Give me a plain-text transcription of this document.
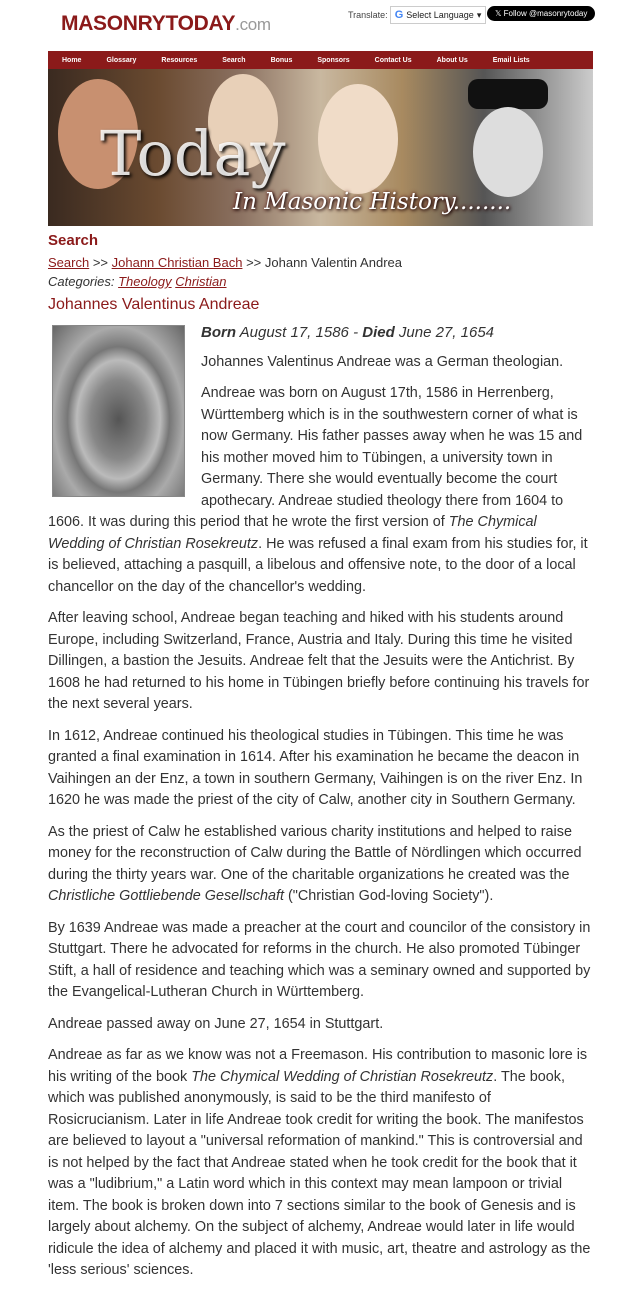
MASONRYTODAY.com	Translate: G Select Language ▾	𝕏 Follow @masonrytoday
Home	Glossary	Resources	Search	Bonus	Sponsors	Contact Us	About Us	Email Lists
Today
In Masonic History........
Search
Search >> Johann Christian Bach >> Johann Valentin Andrea
Categories: Theology Christian
Johannes Valentinus Andreae
Born August 17, 1586 - Died June 27, 1654

Johannes Valentinus Andreae was a German theologian.

Andreae was born on August 17th, 1586 in Herrenberg, Württemberg which is in the southwestern corner of what is now Germany. His father passes away when he was 15 and his mother moved him to Tübingen, a university town in Germany. There she would eventually become the court apothecary. Andreae studied theology there from 1604 to 1606. It was during this period that he wrote the first version of The Chymical Wedding of Christian Rosekreutz. He was refused a final exam from his studies for, it is believed, attaching a pasquill, a libelous and offensive note, to the door of a local chancellor on the day of the chancellor's wedding.

After leaving school, Andreae began teaching and hiked with his students around Europe, including Switzerland, France, Austria and Italy. During this time he visited Dillingen, a bastion the Jesuits. Andreae felt that the Jesuits were the Antichrist. By 1608 he had returned to his home in Tübingen briefly before continuing his travels for the next several years.

In 1612, Andreae continued his theological studies in Tübingen. This time he was granted a final examination in 1614. After his examination he became the deacon in Vaihingen an der Enz, a town in southern Germany, Vaihingen is on the river Enz. In 1620 he was made the priest of the city of Calw, another city in Southern Germany.

As the priest of Calw he established various charity institutions and helped to raise money for the reconstruction of Calw during the Battle of Nördlingen which occurred during the thirty years war. One of the charitable organizations he created was the Christliche Gottliebende Gesellschaft ("Christian God-loving Society").

By 1639 Andreae was made a preacher at the court and councilor of the consistory in Stuttgart. There he advocated for reforms in the church. He also promoted Tübinger Stift, a hall of residence and teaching which was a seminary owned and supported by the Evangelical-Lutheran Church in Württemberg.

Andreae passed away on June 27, 1654 in Stuttgart.

Andreae as far as we know was not a Freemason. His contribution to masonic lore is his writing of the book The Chymical Wedding of Christian Rosekreutz. The book, which was published anonymously, is said to be the third manifesto of Rosicrucianism. Later in life Andreae took credit for writing the book. The manifestos are believed to layout a "universal reformation of mankind." This is controversial and is not helped by the fact that Andreae stated when he took credit for the book that it was a "ludibrium," a Latin word which in this context may mean lampoon or trivial item. The book is broken down into 7 sections similar to the book of Genesis and is largely about alchemy. On the subject of alchemy, Andreae would later in life would ridicule the idea of alchemy and placed it with music, art, theatre and astrology as the 'less serious' sciences.
